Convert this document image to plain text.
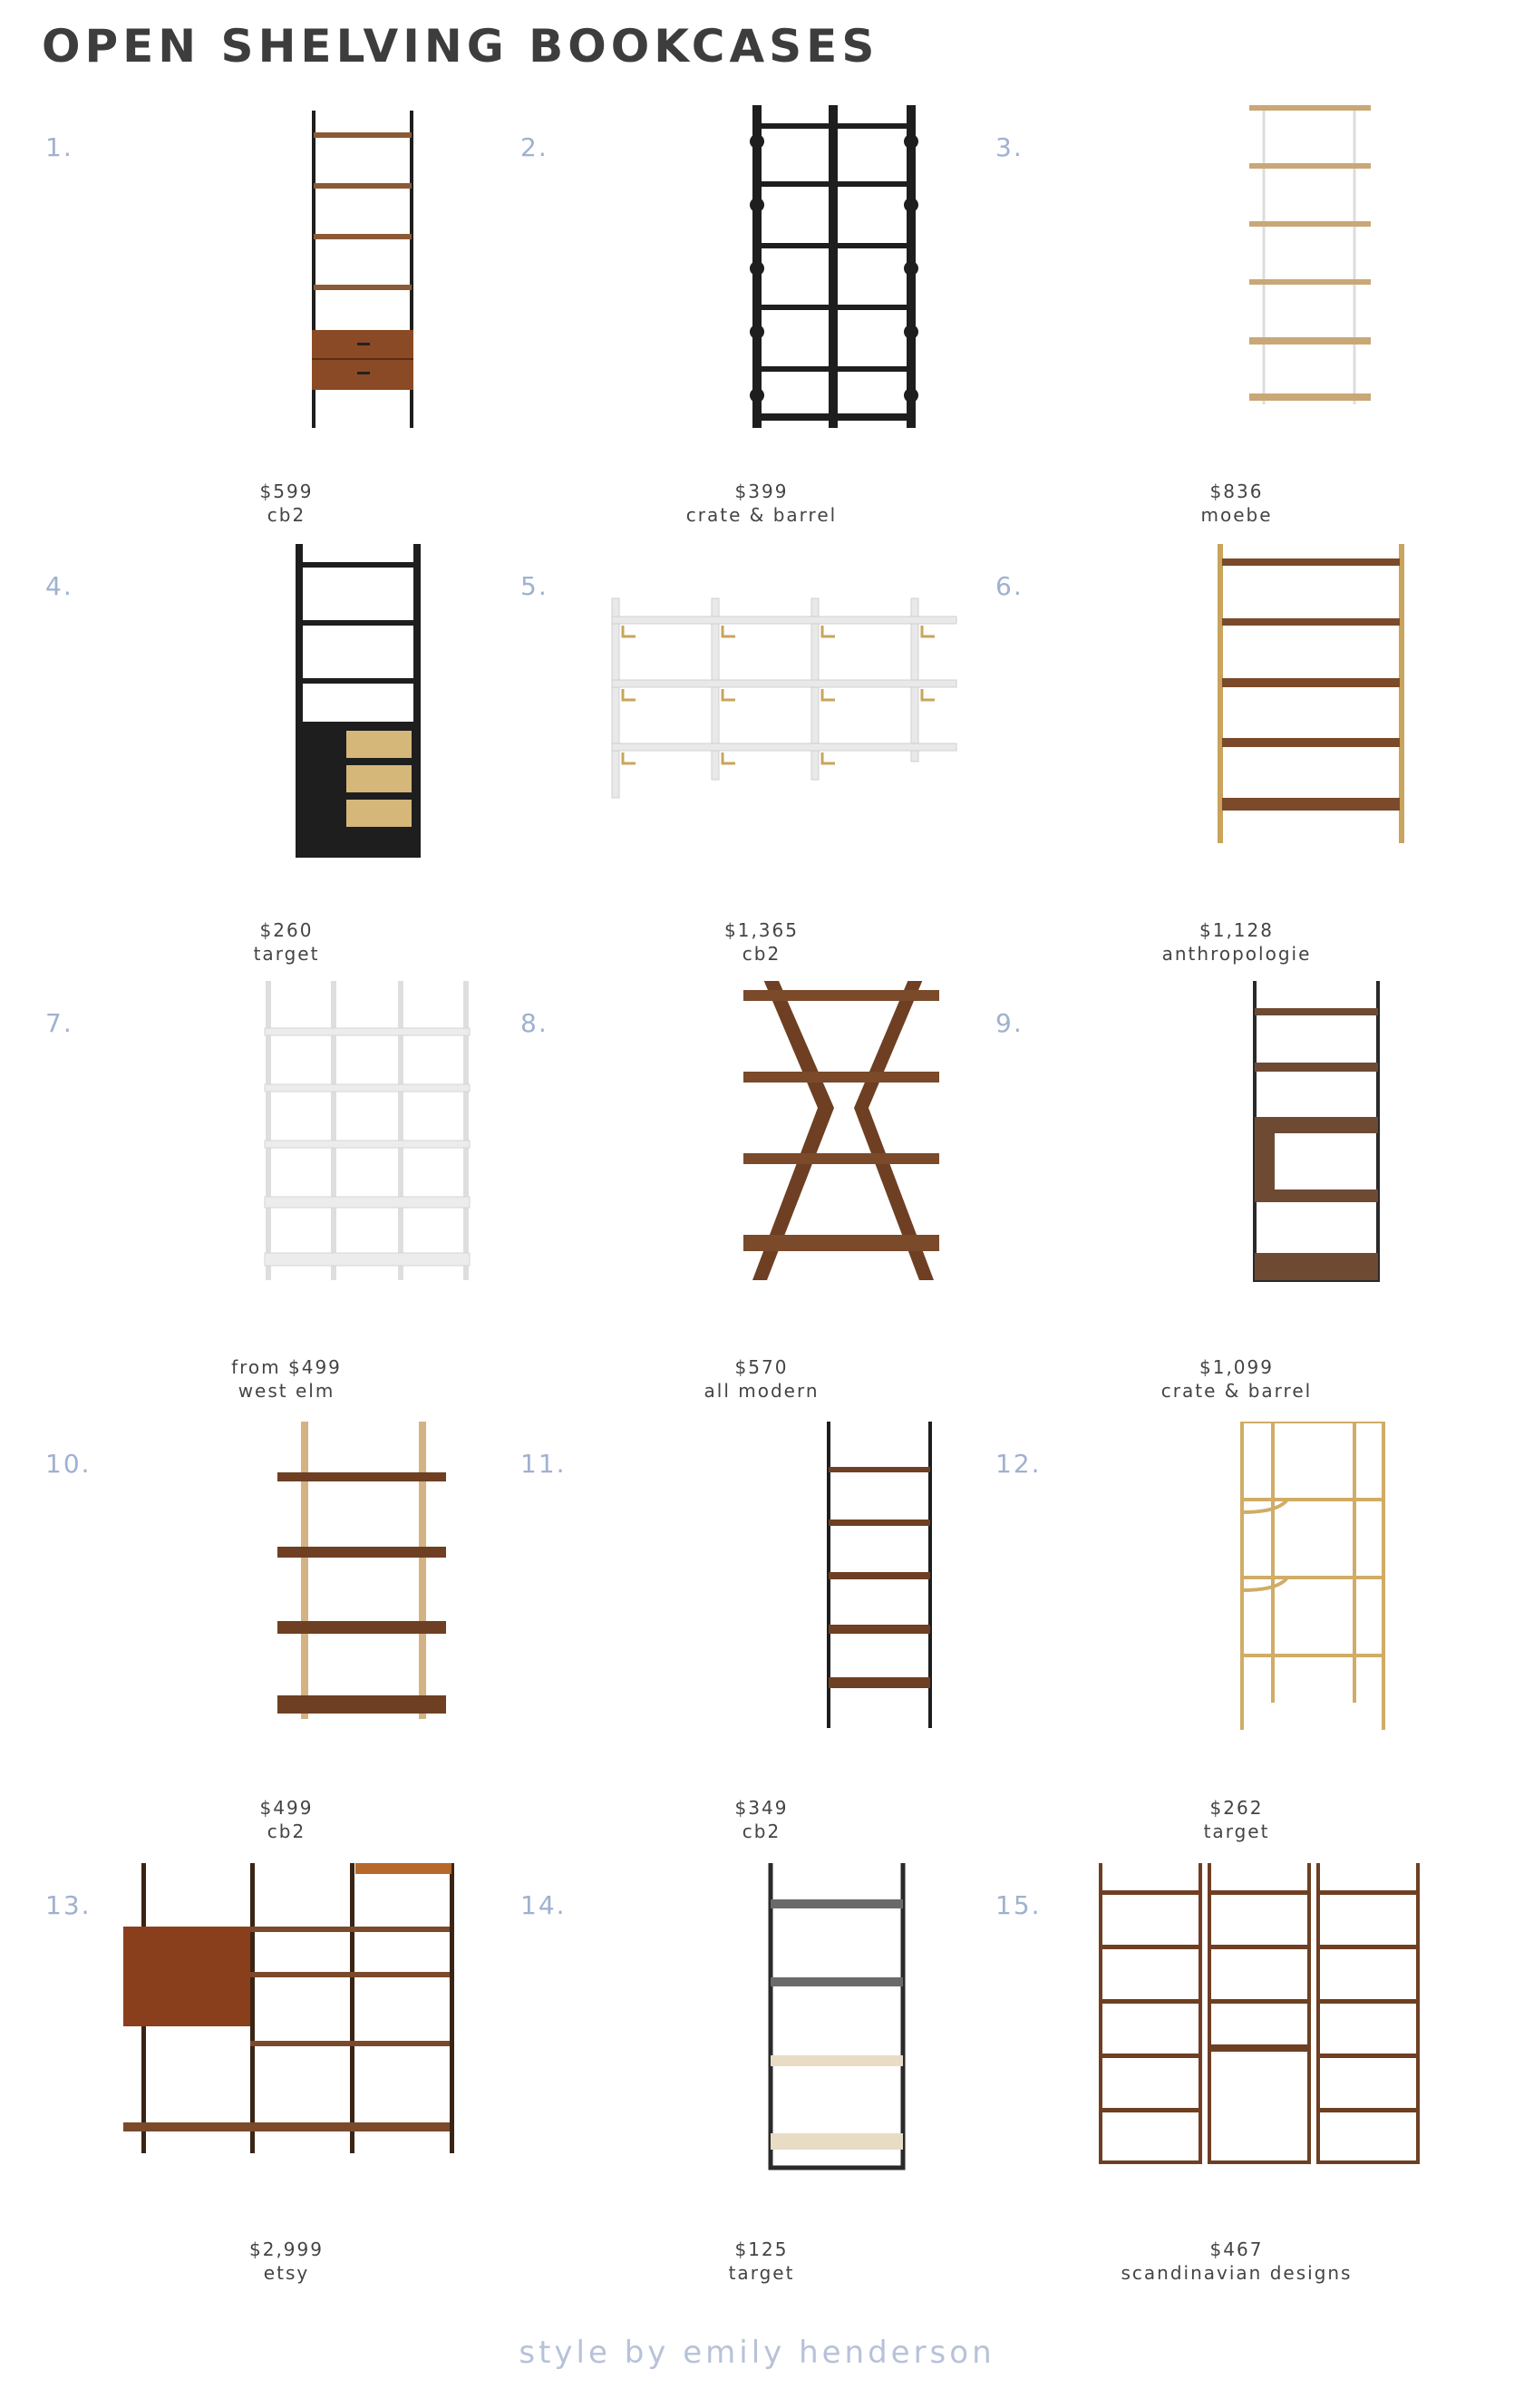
OPEN SHELVING BOOKCASES
1.
$599
cb2
2.
$399
crate & barrel
3.
$836
moebe
4.
$260
target
5.
$1,365
cb2
6.
$1,128
anthropologie
7.
from $499
west elm
8.
$570
all modern
9.
$1,099
crate & barrel
10.
$499
cb2
11.
$349
cb2
12.
$262
target
13.
$2,999
etsy
14.
$125
target
15.
$467
scandinavian designs
style by emily henderson
